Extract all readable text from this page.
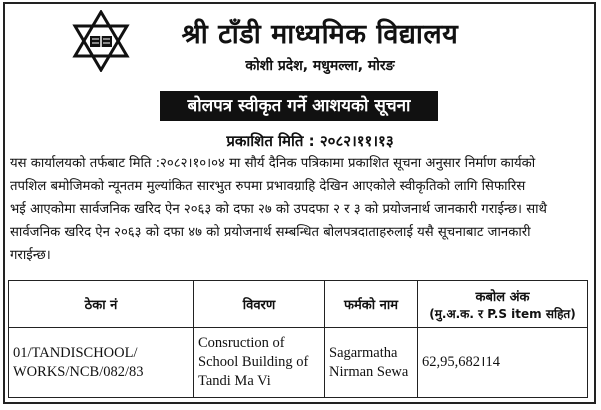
श्री टाँडी माध्यमिक विद्यालय
कोशी प्रदेश, मधुमल्ला, मोरङ
बोलपत्र स्वीकृत गर्ने आशयको सूचना
प्रकाशित मिति : २०८२।११।१३
यस कार्यालयको तर्फबाट मिति :२०८२।१०।०४ मा सौर्य दैनिक पत्रिकामा प्रकाशित सूचना अनुसार निर्माण कार्यको
तपशिल बमोजिमको न्यूनतम मुल्यांकित सारभुत रुपमा प्रभावग्राहि देखिन आएकोले स्वीकृतिको लागि सिफारिस
भई आएकोमा सार्वजनिक खरिद ऐन २०६३ को दफा २७ को उपदफा २ र ३ को प्रयोजनार्थ जानकारी गराईन्छ। साथै
सार्वजनिक खरिद ऐन २०६३ को दफा ४७ को प्रयोजनार्थ सम्बन्धित बोलपत्रदाताहरुलाई यसै सूचनाबाट जानकारी
गराईन्छ।
ठेका नं	विवरण	फर्मको नाम	कबोल अंक
(मु.अ.क. र P.S item सहित)

01/TANDISCHOOL/ WORKS/NCB/082/83	Consruction of School Building of Tandi Ma Vi	Sagarmatha Nirman Sewa	62,95,682।14
